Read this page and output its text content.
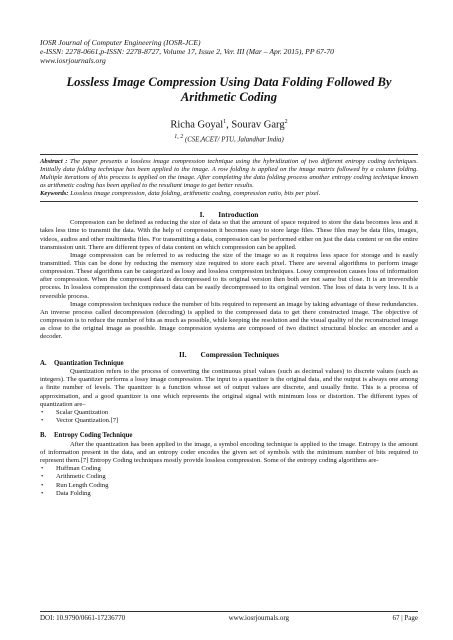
IOSR Journal of Computer Engineering (IOSR-JCE)
e-ISSN: 2278-0661,p-ISSN: 2278-8727, Volume 17, Issue 2, Ver. III (Mar – Apr. 2015), PP 67-70
www.iosrjournals.org
Lossless Image Compression Using Data Folding Followed By Arithmetic Coding
Richa Goyal$^1$, Sourav Garg$^2$
$^{1, 2}$ (CSE,ACET/ PTU, Jalandhar India)
Abstract : The paper presents a lossless image compression technique using the hybridization of two different entropy coding techniques. Initially data folding technique has been applied to the image. A row folding is applied on the image matrix followed by a column folding. Multiple iterations of this process is applied on the image. After completing the data folding process another entropy coding technique known as arithmetic coding has been applied to the resultant image to get better results.
Keywords: Lossless image compression, data folding, arithmetic coding, compression ratio, bits per pixel.
I. Introduction
Compression can be defined as reducing the size of data so that the amount of space required to store the data becomes less and it takes less time to transmit the data. With the help of compression it becomes easy to store large files. These files may be data files, images, videos, audios and other multimedia files. For transmitting a data, compression can be performed either on just the data content or on the entire transmission unit. There are different types of data content on which compression can be applied.
Image compression can be referred to as reducing the size of the image so as it requires less space for storage and is easily transmitted. This can be done by reducing the memory size required to store each pixel. There are several algorithms to perform image compression. These algorithms can be categorized as lossy and lossless compression techniques. Lossy compression causes loss of information after compression. When the compressed data is decompressed to its original version then both are not same but close. It is an irreversible process. In lossless compression the compressed data can be easily decompressed to its original version. The loss of data is very less. It is a reversible process.
Image compression techniques reduce the number of bits required to represent an image by taking advantage of these redundancies. An inverse process called decompression (decoding) is applied to the compressed data to get there constructed image. The objective of compression is to reduce the number of bits as much as possible, while keeping the resolution and the visual quality of the reconstructed image as close to the original image as possible. Image compression systems are composed of two distinct structural blocks: an encoder and a decoder.
II. Compression Techniques
A. Quantization Technique
Quantization refers to the process of converting the continuous pixel values (such as decimal values) to discrete values (such as integers). The quantizer performs a lossy image compression. The input to a quantizer is the original data, and the output is always one among a finite number of levels. The quantizer is a function whose set of output values are discrete, and usually finite. This is a process of approximation, and a good quantizer is one which represents the original signal with minimum loss or distortion. The different types of quantization are–
• Scalar Quantization
• Vector Quantization.[7]
B. Entropy Coding Technique
After the quantization has been applied to the image, a symbol encoding technique is applied to the image. Entropy is the amount of information present in the data, and an entropy coder encodes the given set of symbols with the minimum number of bits required to represent them.[7] Entropy Coding techniques mostly provide lossless compression. Some of the entropy coding algorithms are-
• Huffman Coding
• Arithmetic Coding
• Run Length Coding
• Data Folding
DOI: 10.9790/0661-17236770	www.iosrjournals.org	67 | Page
